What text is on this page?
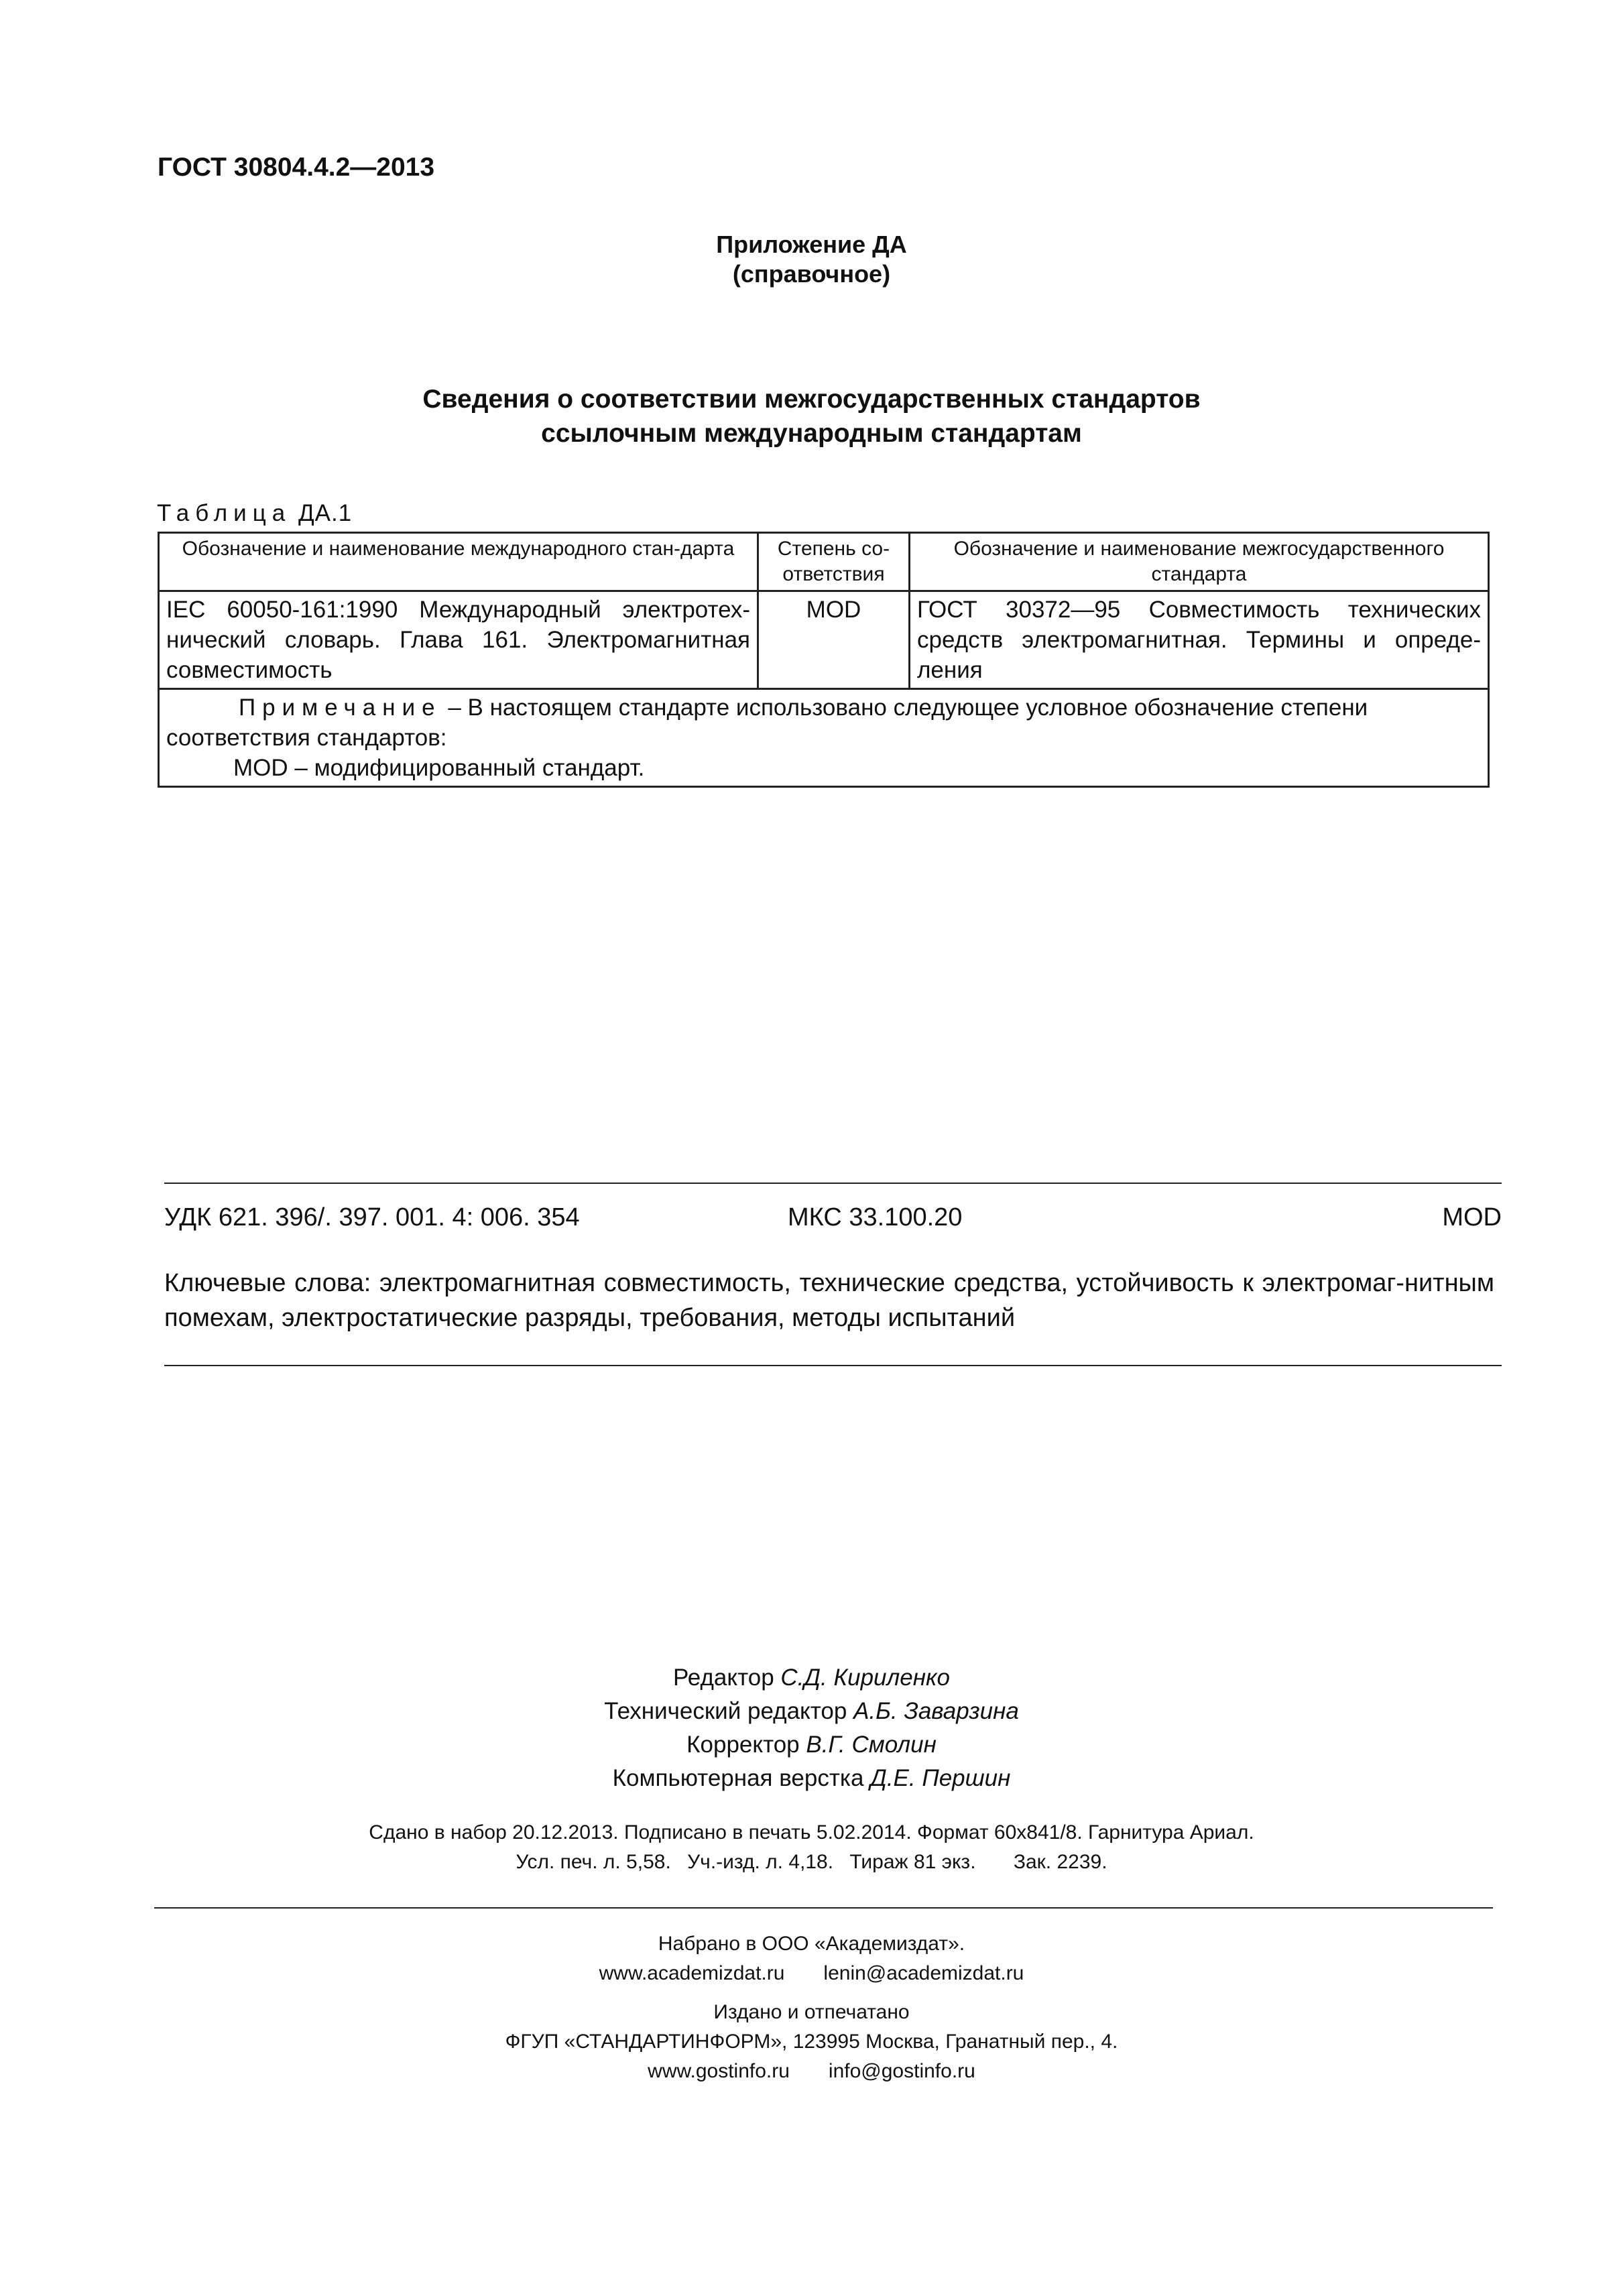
ГОСТ 30804.4.2—2013
Приложение ДА
(справочное)
Сведения о соответствии межгосударственных стандартов
ссылочным международным стандартам
Таблица ДА.1
Обозначение и наименование международного стан-дарта	Степень со-ответствия	Обозначение и наименование межгосударственного стандарта
IEC 60050-161:1990 Международный электротех-нический словарь. Глава 161. Электромагнитная совместимость	MOD	ГОСТ 30372—95 Совместимость технических средств электромагнитная. Термины и опреде-ления

Примечание – В настоящем стандарте использовано следующее условное обозначение степени соответствия стандартов:
MOD – модифицированный стандарт.		
УДК 621. 396/. 397. 001. 4: 006. 354	МКС 33.100.20	MOD
Ключевые слова: электромагнитная совместимость, технические средства, устойчивость к электромаг-нитным помехам, электростатические разряды, требования, методы испытаний
Редактор С.Д. Кириленко
Технический редактор А.Б. Заварзина
Корректор В.Г. Смолин
Компьютерная верстка Д.Е. Першин
Сдано в набор 20.12.2013. Подписано в печать 5.02.2014. Формат 60х841/8. Гарнитура Ариал.
Усл. печ. л. 5,58. Уч.-изд. л. 4,18. Тираж 81 экз. Зак. 2239.
Набрано в ООО «Академиздат».
www.academizdat.ru lenin@academizdat.ru
Издано и отпечатано
ФГУП «СТАНДАРТИНФОРМ», 123995 Москва, Гранатный пер., 4.
www.gostinfo.ru info@gostinfo.ru
